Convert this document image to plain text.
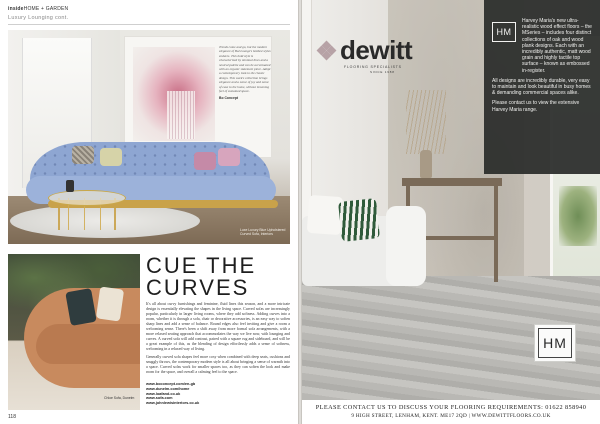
insideHOME + GARDEN
Luxury Lounging cont.
Trends come and go, but the modern elegance of Bal Lounge's boldest styles endures. This bold style is characterised by minimal lines and a neutral palette and can be accentuated with an organic statement piece. Adopt a contemporary look to the classic design. This week's collection brings elegance and a sense of joy and sense of ease to the home, without lessening feel of sustained space.
Bo Concept
Luxe Luxury Blue Upholstered Curved Sofa, Interiors
Chloe Sofa, Dunelm
CUE THE
CURVES

It's all about curvy furnishings and feminine, fluid lines this season, and a more intricate design is essentially elevating the shapes in the living space. Curved sofas are increasingly popular, particularly in larger living rooms, where they add softness. Adding curves into a room, whether it is through a sofa, chair or decorative accessories, is an easy way to soften sharp lines and add a sense of balance. Round edges also feel inviting and give a room a welcoming sense. There's been a shift away from more formal sofa arrangements, with a more relaxed seating approach that accommodates the way we live now, with lounging and curves. A curved sofa will add contrast, paired with a square rug and sideboard, and will be a great example of this, as the blending of design effortlessly adds a sense of softness, welcoming in a relaxed way of living.

Generally curved sofa shapes feel more cosy when combined with deep seats, cushions and snuggly throws, the contemporary modern style is all about bringing a sense of warmth into a space. Curved sofas work for smaller spaces too, as they can soften the look and make room for the space, and overall a calming feel to the space.

www.boconcept.com/en-gb
www.dunelm.com/home
www.loafand.co.uk
www.sofa.com
www.johnlewisinteriors.co.uk
118
dewitt
FLOORING SPECIALISTS
SINCE 1988
HM

Harvey Maria's new ultra-realistic wood effect floors – the MSeries – includes four distinct collections of oak and wood plank designs. Each with an incredibly authentic, matt wood grain and highly tactile top surface – known as embossed in-register.

All designs are incredibly durable, very easy to maintain and look beautiful in busy homes & demanding commercial spaces alike.

Please contact us to view the extensive Harvey Maria range.

HM
PLEASE CONTACT US TO DISCUSS YOUR FLOORING REQUIREMENTS: 01622 858940
9 HIGH STREET, LENHAM, KENT. ME17 2QD | WWW.DEWITTFLOORS.CO.UK
